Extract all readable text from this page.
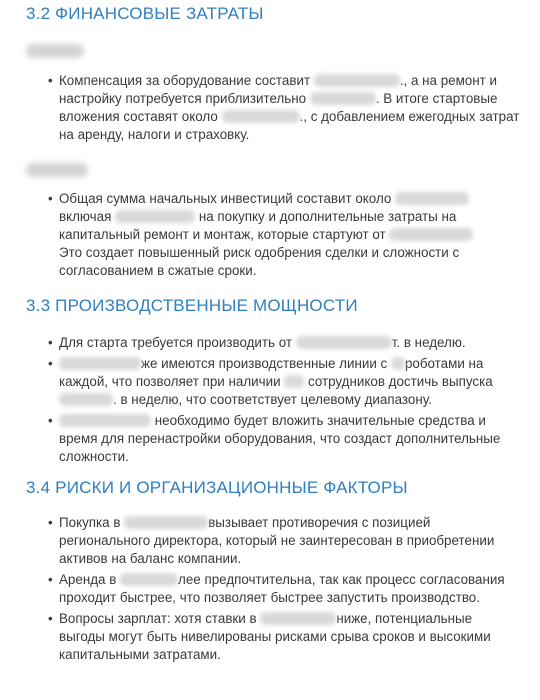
3.2 ФИНАНСОВЫЕ ЗАТРАТЫ
• Компенсация за оборудование составит	., а на ремонт и настройку потребуется приблизительно	. В итоге стартовые вложения составят около	., с добавлением ежегодных затрат на аренду, налоги и страховку.
• Общая сумма начальных инвестиций составит около
включая	на покупку и дополнительные затраты на капитальный ремонт и монтаж, которые стартуют от
Это создает повышенный риск одобрения сделки и сложности с согласованием в сжатые сроки.
3.3 ПРОИЗВОДСТВЕННЫЕ МОЩНОСТИ
• Для старта требуется производить от	т. в неделю.
• же имеются производственные линии с роботами на каждой, что позволяет при наличии  сотрудников достичь выпуска . в неделю, что соответствует целевому диапазону.
• необходимо будет вложить значительные средства и время для перенастройки оборудования, что создаст дополнительные сложности.
3.4 РИСКИ И ОРГАНИЗАЦИОННЫЕ ФАКТОРЫ
• Покупка в	вызывает противоречия с позицией регионального директора, который не заинтересован в приобретении активов на баланс компании.
• Аренда в	лее предпочтительна, так как процесс согласования проходит быстрее, что позволяет быстрее запустить производство.
• Вопросы зарплат: хотя ставки в	ниже, потенциальные выгоды могут быть нивелированы рисками срыва сроков и высокими капитальными затратами.
